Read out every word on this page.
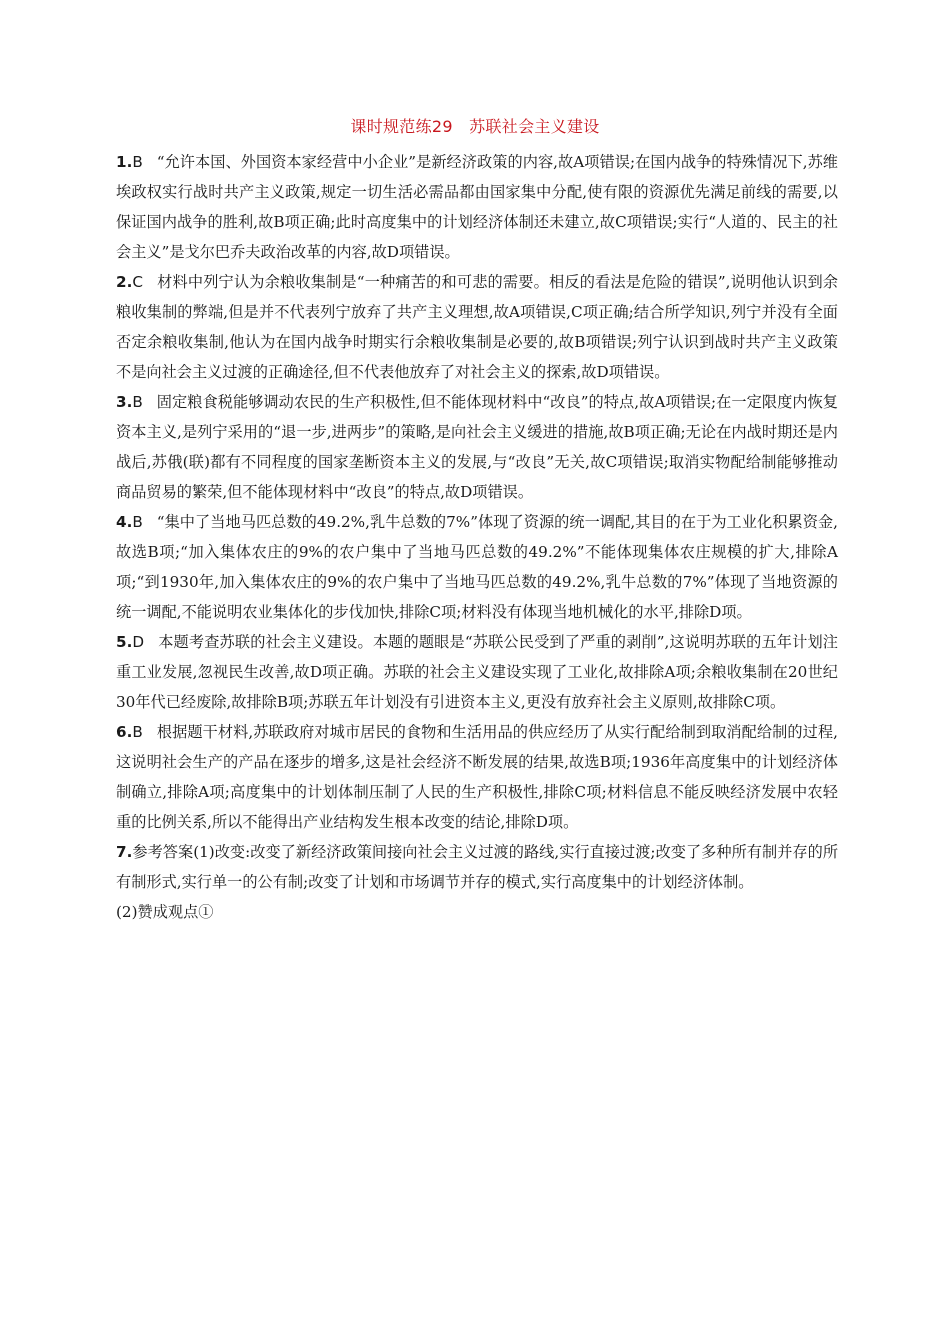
课时规范练29　苏联社会主义建设

1.B “允许本国、外国资本家经营中小企业”是新经济政策的内容,故A项错误;在国内战争的特殊情况下,苏维埃政权实行战时共产主义政策,规定一切生活必需品都由国家集中分配,使有限的资源优先满足前线的需要,以保证国内战争的胜利,故B项正确;此时高度集中的计划经济体制还未建立,故C项错误;实行“人道的、民主的社会主义”是戈尔巴乔夫政治改革的内容,故D项错误。

2.C 材料中列宁认为余粮收集制是“一种痛苦的和可悲的需要。相反的看法是危险的错误”,说明他认识到余粮收集制的弊端,但是并不代表列宁放弃了共产主义理想,故A项错误,C项正确;结合所学知识,列宁并没有全面否定余粮收集制,他认为在国内战争时期实行余粮收集制是必要的,故B项错误;列宁认识到战时共产主义政策不是向社会主义过渡的正确途径,但不代表他放弃了对社会主义的探索,故D项错误。

3.B 固定粮食税能够调动农民的生产积极性,但不能体现材料中“改良”的特点,故A项错误;在一定限度内恢复资本主义,是列宁采用的“退一步,进两步”的策略,是向社会主义缓进的措施,故B项正确;无论在内战时期还是内战后,苏俄(联)都有不同程度的国家垄断资本主义的发展,与“改良”无关,故C项错误;取消实物配给制能够推动商品贸易的繁荣,但不能体现材料中“改良”的特点,故D项错误。

4.B “集中了当地马匹总数的49.2%,乳牛总数的7%”体现了资源的统一调配,其目的在于为工业化积累资金,故选B项;“加入集体农庄的9%的农户集中了当地马匹总数的49.2%”不能体现集体农庄规模的扩大,排除A项;“到1930年,加入集体农庄的9%的农户集中了当地马匹总数的49.2%,乳牛总数的7%”体现了当地资源的统一调配,不能说明农业集体化的步伐加快,排除C项;材料没有体现当地机械化的水平,排除D项。

5.D 本题考查苏联的社会主义建设。本题的题眼是“苏联公民受到了严重的剥削”,这说明苏联的五年计划注重工业发展,忽视民生改善,故D项正确。苏联的社会主义建设实现了工业化,故排除A项;余粮收集制在20世纪30年代已经废除,故排除B项;苏联五年计划没有引进资本主义,更没有放弃社会主义原则,故排除C项。

6.B 根据题干材料,苏联政府对城市居民的食物和生活用品的供应经历了从实行配给制到取消配给制的过程,这说明社会生产的产品在逐步的增多,这是社会经济不断发展的结果,故选B项;1936年高度集中的计划经济体制确立,排除A项;高度集中的计划体制压制了人民的生产积极性,排除C项;材料信息不能反映经济发展中农轻重的比例关系,所以不能得出产业结构发生根本改变的结论,排除D项。

7.参考答案(1)改变:改变了新经济政策间接向社会主义过渡的路线,实行直接过渡;改变了多种所有制并存的所有制形式,实行单一的公有制;改变了计划和市场调节并存的模式,实行高度集中的计划经济体制。

(2)赞成观点①
